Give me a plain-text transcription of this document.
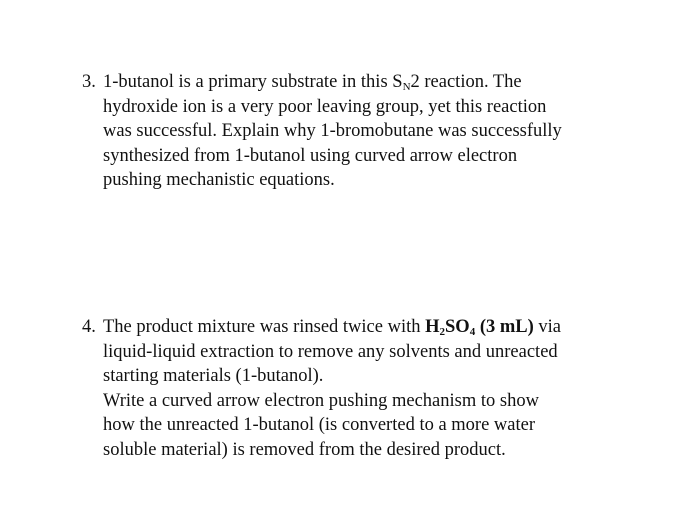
3. 1-butanol is a primary substrate in this $S_N2$ reaction. The
hydroxide ion is a very poor leaving group, yet this reaction
was successful. Explain why 1-bromobutane was successfully
synthesized from 1-butanol using curved arrow electron
pushing mechanistic equations.
4. The product mixture was rinsed twice with $H_2SO_4$ (3 mL) via
liquid-liquid extraction to remove any solvents and unreacted
starting materials (1-butanol).
Write a curved arrow electron pushing mechanism to show
how the unreacted 1-butanol (is converted to a more water
soluble material) is removed from the desired product.
